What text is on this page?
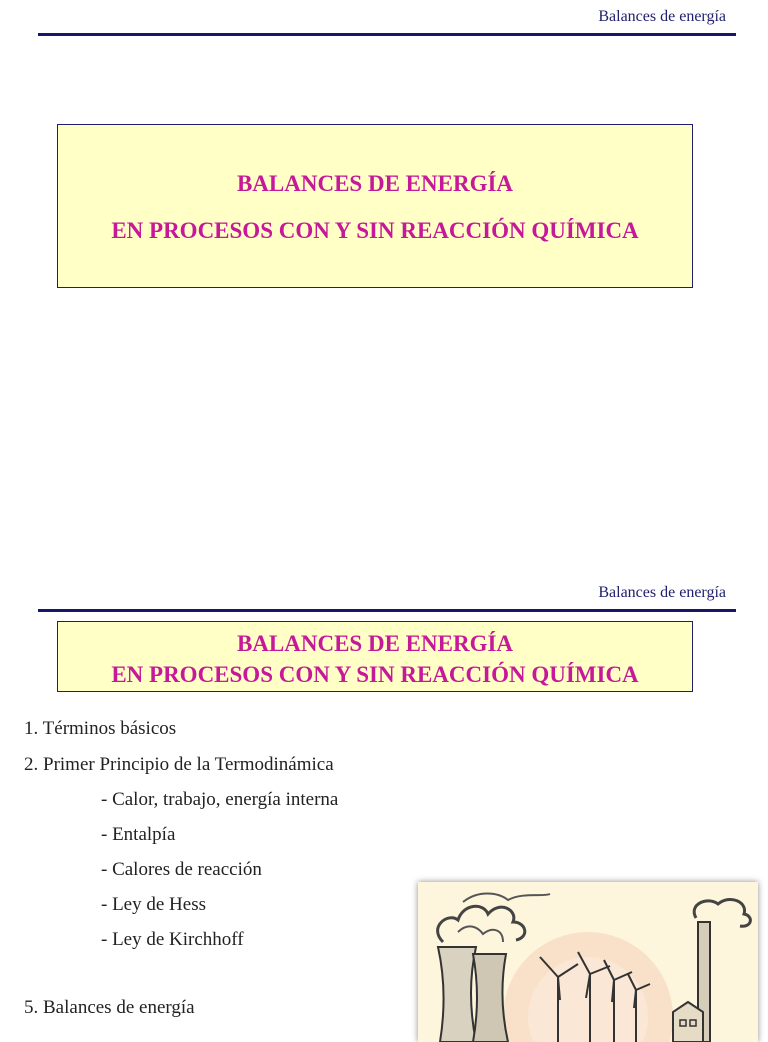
Balances de energía
BALANCES DE ENERGÍA
EN PROCESOS CON Y SIN REACCIÓN QUÍMICA
Balances de energía
BALANCES DE ENERGÍA
EN PROCESOS CON Y SIN REACCIÓN QUÍMICA
1. Términos básicos
2. Primer Principio de la Termodinámica
- Calor, trabajo, energía interna
- Entalpía
- Calores de reacción
- Ley de Hess
- Ley de Kirchhoff
5. Balances de energía
